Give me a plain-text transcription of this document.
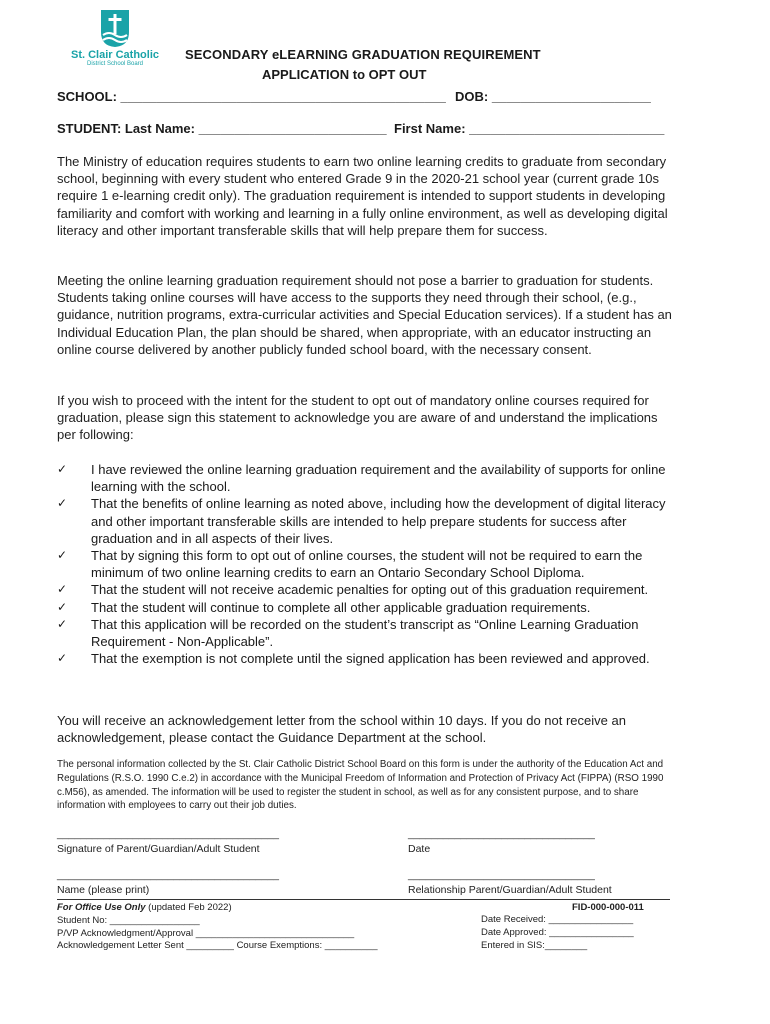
St. Clair Catholic
District School Board
SECONDARY eLEARNING GRADUATION REQUIREMENT
APPLICATION to OPT OUT
SCHOOL: _____________________________________________ DOB: ______________________
STUDENT: Last Name: __________________________ First Name: ___________________________

The Ministry of education requires students to earn two online learning credits to graduate from secondary school, beginning with every student who entered Grade 9 in the 2020-21 school year (current grade 10s require 1 e-learning credit only). The graduation requirement is intended to support students in developing familiarity and comfort with working and learning in a fully online environment, as well as developing digital literacy and other important transferable skills that will help prepare them for success.

Meeting the online learning graduation requirement should not pose a barrier to graduation for students. Students taking online courses will have access to the supports they need through their school, (e.g., guidance, nutrition programs, extra-curricular activities and Special Education services). If a student has an Individual Education Plan, the plan should be shared, when appropriate, with an educator instructing an online course delivered by another publicly funded school board, with the necessary consent.

If you wish to proceed with the intent for the student to opt out of mandatory online courses required for graduation, please sign this statement to acknowledge you are aware of and understand the implications per following:

✓ I have reviewed the online learning graduation requirement and the availability of supports for online learning with the school.
✓ That the benefits of online learning as noted above, including how the development of digital literacy and other important transferable skills are intended to help prepare students for success after graduation and in all aspects of their lives.
✓ That by signing this form to opt out of online courses, the student will not be required to earn the minimum of two online learning credits to earn an Ontario Secondary School Diploma.
✓ That the student will not receive academic penalties for opting out of this graduation requirement.
✓ That the student will continue to complete all other applicable graduation requirements.
✓ That this application will be recorded on the student’s transcript as “Online Learning Graduation Requirement - Non-Applicable”.
✓ That the exemption is not complete until the signed application has been reviewed and approved.

You will receive an acknowledgement letter from the school within 10 days. If you do not receive an acknowledgement, please contact the Guidance Department at the school.

The personal information collected by the St. Clair Catholic District School Board on this form is under the authority of the Education Act and Regulations (R.S.O. 1990 C.e.2) in accordance with the Municipal Freedom of Information and Protection of Privacy Act (FIPPA) (RSO 1990 c.M56), as amended. The information will be used to register the student in school, as well as for any consistent purpose, and to share information with employees to carry out their job duties.
______________________________________	________________________________
Signature of Parent/Guardian/Adult Student	Date
______________________________________	________________________________
Name (please print)	Relationship Parent/Guardian/Adult Student
For Office Use Only (updated Feb 2022)
Student No: _________________
P/VP Acknowledgment/Approval ______________________________
Acknowledgement Letter Sent _________ Course Exemptions: __________
FID-000-000-011
Date Received: ________________
Date Approved: ________________
Entered in SIS:________
